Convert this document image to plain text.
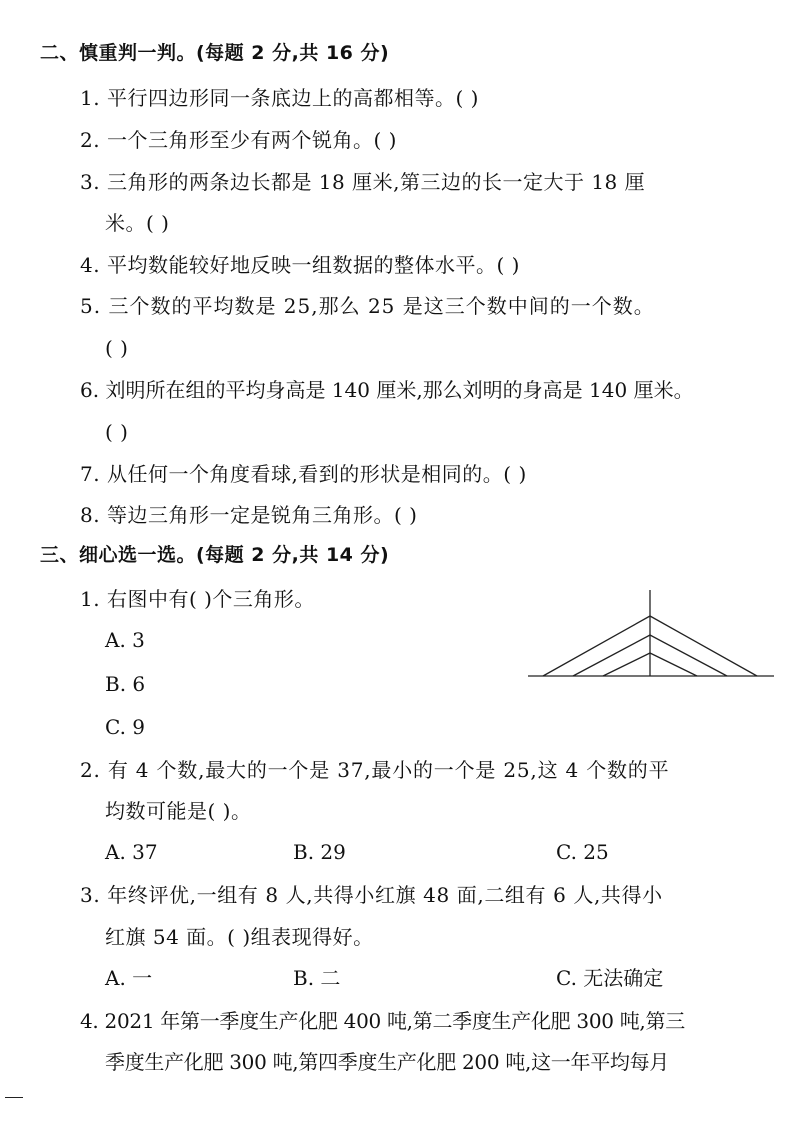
二、慎重判一判。(每题 2 分,共 16 分)
1. 平行四边形同一条底边上的高都相等。( )
2. 一个三角形至少有两个锐角。( )
3. 三角形的两条边长都是 18 厘米,第三边的长一定大于 18 厘
米。( )
4. 平均数能较好地反映一组数据的整体水平。( )
5. 三个数的平均数是 25,那么 25 是这三个数中间的一个数。
( )
6. 刘明所在组的平均身高是 140 厘米,那么刘明的身高是 140 厘米。
( )
7. 从任何一个角度看球,看到的形状是相同的。( )
8. 等边三角形一定是锐角三角形。( )
三、细心选一选。(每题 2 分,共 14 分)
1. 右图中有( )个三角形。
A. 3
B. 6
C. 9
2. 有 4 个数,最大的一个是 37,最小的一个是 25,这 4 个数的平
均数可能是( )。
A. 37	B. 29	C. 25
3. 年终评优,一组有 8 人,共得小红旗 48 面,二组有 6 人,共得小
红旗 54 面。( )组表现得好。
A. 一	B. 二	C. 无法确定
4. 2021 年第一季度生产化肥 400 吨,第二季度生产化肥 300 吨,第三
季度生产化肥 300 吨,第四季度生产化肥 200 吨,这一年平均每月
